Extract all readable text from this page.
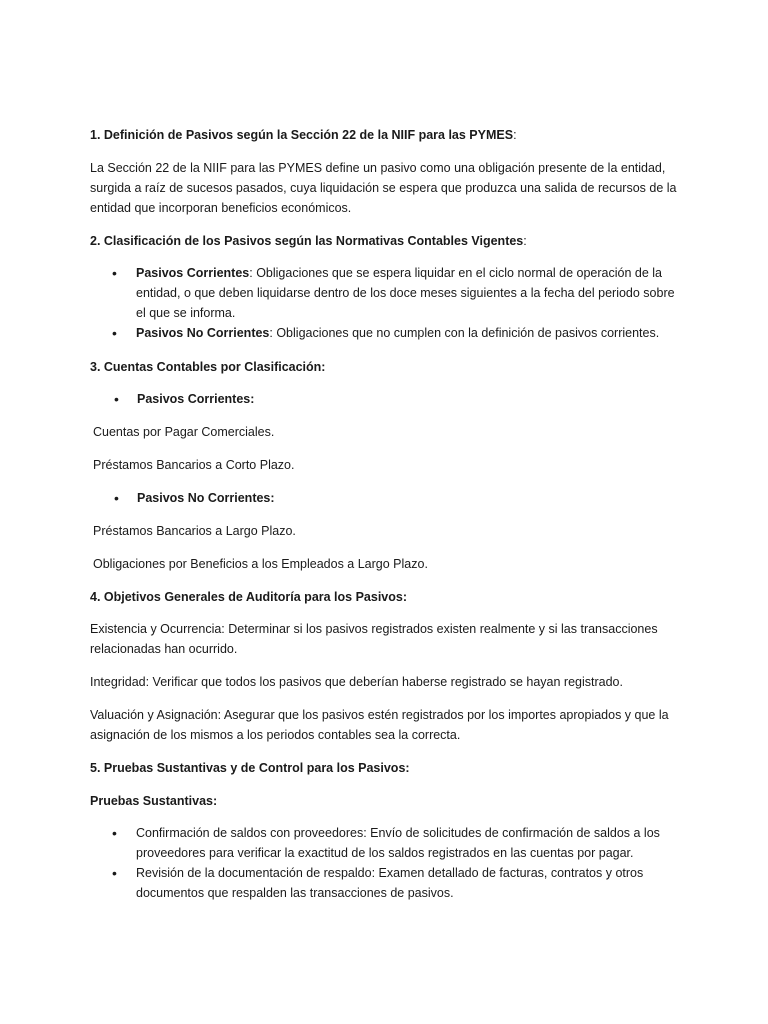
1. Definición de Pasivos según la Sección 22 de la NIIF para las PYMES:

La Sección 22 de la NIIF para las PYMES define un pasivo como una obligación presente de la entidad, surgida a raíz de sucesos pasados, cuya liquidación se espera que produzca una salida de recursos de la entidad que incorporan beneficios económicos.

2. Clasificación de los Pasivos según las Normativas Contables Vigentes:

• Pasivos Corrientes: Obligaciones que se espera liquidar en el ciclo normal de operación de la entidad, o que deben liquidarse dentro de los doce meses siguientes a la fecha del periodo sobre el que se informa.
• Pasivos No Corrientes: Obligaciones que no cumplen con la definición de pasivos corrientes.

3. Cuentas Contables por Clasificación:

• Pasivos Corrientes:

Cuentas por Pagar Comerciales.

Préstamos Bancarios a Corto Plazo.

• Pasivos No Corrientes:

Préstamos Bancarios a Largo Plazo.

Obligaciones por Beneficios a los Empleados a Largo Plazo.

4. Objetivos Generales de Auditoría para los Pasivos:

Existencia y Ocurrencia: Determinar si los pasivos registrados existen realmente y si las transacciones relacionadas han ocurrido.

Integridad: Verificar que todos los pasivos que deberían haberse registrado se hayan registrado.

Valuación y Asignación: Asegurar que los pasivos estén registrados por los importes apropiados y que la asignación de los mismos a los periodos contables sea la correcta.

5. Pruebas Sustantivas y de Control para los Pasivos:

Pruebas Sustantivas:

• Confirmación de saldos con proveedores: Envío de solicitudes de confirmación de saldos a los proveedores para verificar la exactitud de los saldos registrados en las cuentas por pagar.
• Revisión de la documentación de respaldo: Examen detallado de facturas, contratos y otros documentos que respalden las transacciones de pasivos.
